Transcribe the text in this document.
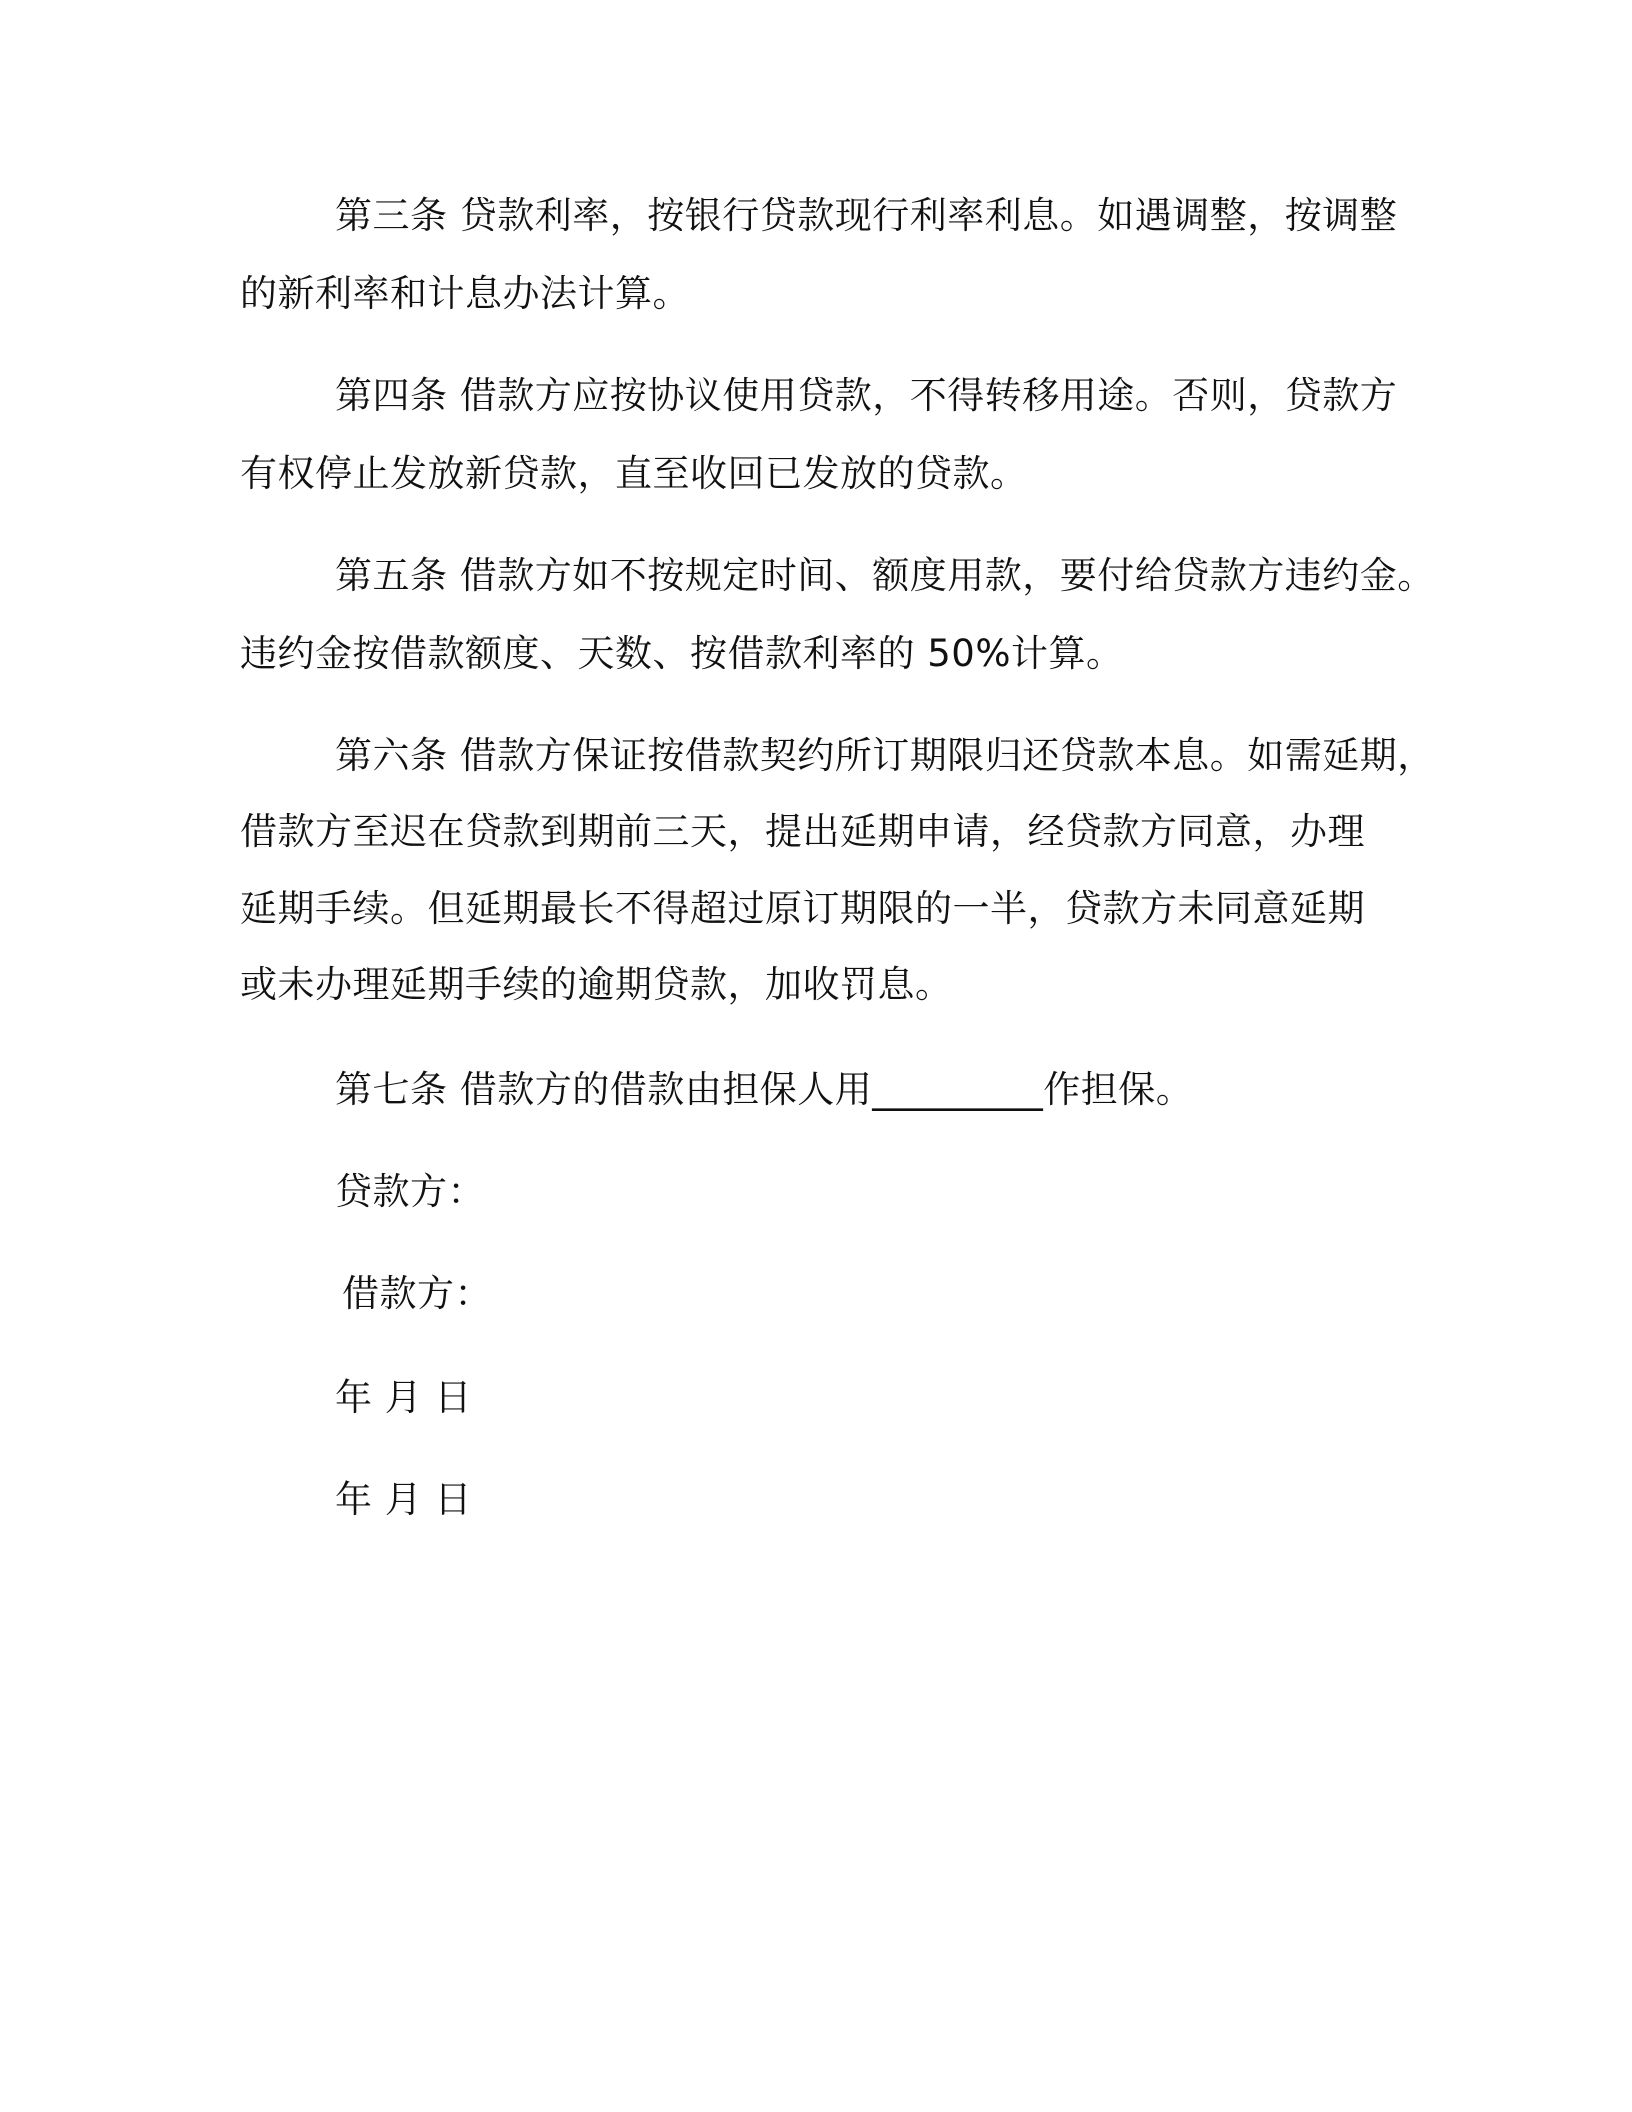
第三条 贷款利率，按银行贷款现行利率利息。如遇调整，按调整
的新利率和计息办法计算。
第四条 借款方应按协议使用贷款，不得转移用途。否则，贷款方
有权停止发放新贷款，直至收回已发放的贷款。
第五条 借款方如不按规定时间、额度用款，要付给贷款方违约金。
违约金按借款额度、天数、按借款利率的 50%计算。
第六条 借款方保证按借款契约所订期限归还贷款本息。如需延期，
借款方至迟在贷款到期前三天，提出延期申请，经贷款方同意，办理
延期手续。但延期最长不得超过原订期限的一半，贷款方未同意延期
或未办理延期手续的逾期贷款，加收罚息。
第七条 借款方的借款由担保人用_________作担保。
贷款方：
借款方：
年 月 日
年 月 日
